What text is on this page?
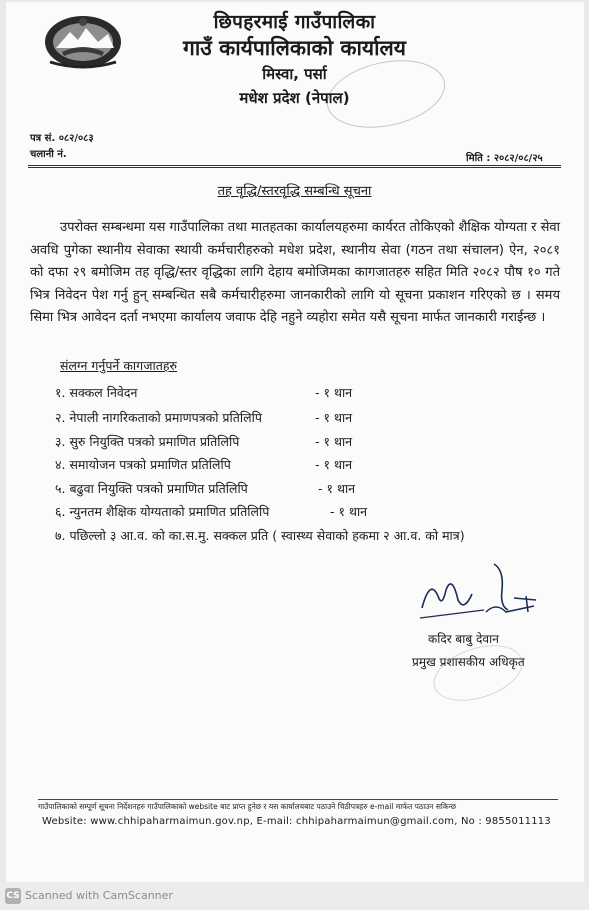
छिपहरमाई गाउँपालिका
गाउँ कार्यपालिकाको कार्यालय
मिस्वा, पर्सा
मधेश प्रदेश (नेपाल)
पत्र सं. ०८२/०८३
चलानी नं.	मिति : २०८२/०८/२५
तह वृद्धि/स्तरवृद्धि सम्बन्धि सूचना

उपरोक्त सम्बन्धमा यस गाउँपालिका तथा मातहतका कार्यालयहरुमा कार्यरत तोकिएको शैक्षिक योग्यता र सेवा अवधि पुगेका स्थानीय सेवाका स्थायी कर्मचारीहरुको मधेश प्रदेश, स्थानीय सेवा (गठन तथा संचालन) ऐन, २०८१ को दफा २९ बमोजिम तह वृद्धि/स्तर वृद्धिका लागि देहाय बमोजिमका कागजातहरु सहित मिति २०८२ पौष १० गते भित्र निवेदन पेश गर्नु हुन् सम्बन्धित सबै कर्मचारीहरुमा जानकारीको लागि यो सूचना प्रकाशन गरिएको छ । समय सिमा भित्र आवेदन दर्ता नभएमा कार्यालय जवाफ देहि नहुने व्यहोरा समेत यसै सूचना मार्फत जानकारी गराईन्छ ।

संलग्न गर्नुपर्ने कागजातहरु
१. सक्कल निवेदन	- १ थान
२. नेपाली नागरिकताको प्रमाणपत्रको प्रतिलिपि	- १ थान
३. सुरु नियुक्ति पत्रको प्रमाणित प्रतिलिपि	- १ थान
४. समायोजन पत्रको प्रमाणित प्रतिलिपि	- १ थान
५. बढुवा नियुक्ति पत्रको प्रमाणित प्रतिलिपि	- १ थान
६. न्युनतम शैक्षिक योग्यताको प्रमाणित प्रतिलिपि	- १ थान
७. पछिल्लो ३ आ.व. को का.स.मु. सक्कल प्रति ( स्वास्थ्य सेवाको हकमा २ आ.व. को मात्र)
कदिर बाबु देवान
प्रमुख प्रशासकीय अधिकृत
गाउँपालिकाको सम्पूर्ण सूचना निर्देशनहरु गाउँपालिकाको website बाट प्राप्त हुनेछ र यस कार्यालयबाट पठाउने चिठीपत्रहरु e-mail मार्फत पठाउन सकिन्छ
Website: www.chhipaharmaimun.gov.np, E-mail: chhipaharmaimun@gmail.com, No : 9855011113
CS Scanned with CamScanner
